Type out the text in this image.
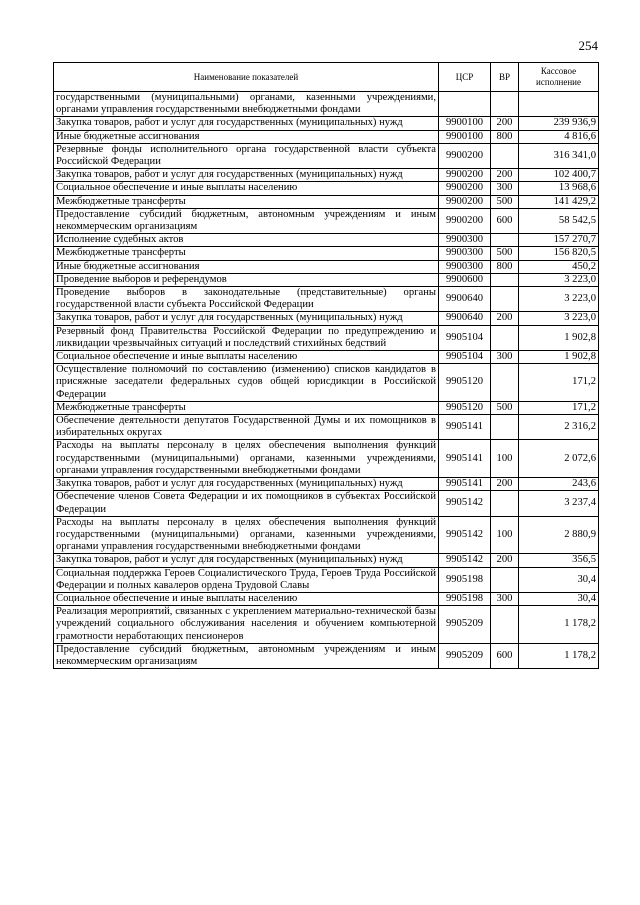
254
Наименование показателей	ЦСР	ВР	Кассовое исполнение
государственными (муниципальными) органами, казенными учреждениями, органами управления государственными внебюджетными фондами			
Закупка товаров, работ и услуг для государственных (муниципальных) нужд	9900100	200	239 936,9
Иные бюджетные ассигнования	9900100	800	4 816,6
Резервные фонды исполнительного органа государственной власти субъекта Российской Федерации	9900200		316 341,0
Закупка товаров, работ и услуг для государственных (муниципальных) нужд	9900200	200	102 400,7
Социальное обеспечение и иные выплаты населению	9900200	300	13 968,6
Межбюджетные трансферты	9900200	500	141 429,2
Предоставление субсидий бюджетным, автономным учреждениям и иным некоммерческим организациям	9900200	600	58 542,5
Исполнение судебных актов	9900300		157 270,7
Межбюджетные трансферты	9900300	500	156 820,5
Иные бюджетные ассигнования	9900300	800	450,2
Проведение выборов и референдумов	9900600		3 223,0
Проведение выборов в законодательные (представительные) органы государственной власти субъекта Российской Федерации	9900640		3 223,0
Закупка товаров, работ и услуг для государственных (муниципальных) нужд	9900640	200	3 223,0
Резервный фонд Правительства Российской Федерации по предупреждению и ликвидации чрезвычайных ситуаций и последствий стихийных бедствий	9905104		1 902,8
Социальное обеспечение и иные выплаты населению	9905104	300	1 902,8
Осуществление полномочий по составлению (изменению) списков кандидатов в присяжные заседатели федеральных судов общей юрисдикции в Российской Федерации	9905120		171,2
Межбюджетные трансферты	9905120	500	171,2
Обеспечение деятельности депутатов Государственной Думы и их помощников в избирательных округах	9905141		2 316,2
Расходы на выплаты персоналу в целях обеспечения выполнения функций государственными (муниципальными) органами, казенными учреждениями, органами управления государственными внебюджетными фондами	9905141	100	2 072,6
Закупка товаров, работ и услуг для государственных (муниципальных) нужд	9905141	200	243,6
Обеспечение членов Совета Федерации и их помощников в субъектах Российской Федерации	9905142		3 237,4
Расходы на выплаты персоналу в целях обеспечения выполнения функций государственными (муниципальными) органами, казенными учреждениями, органами управления государственными внебюджетными фондами	9905142	100	2 880,9
Закупка товаров, работ и услуг для государственных (муниципальных) нужд	9905142	200	356,5
Социальная поддержка Героев Социалистического Труда, Героев Труда Российской Федерации и полных кавалеров ордена Трудовой Славы	9905198		30,4
Социальное обеспечение и иные выплаты населению	9905198	300	30,4
Реализация мероприятий, связанных с укреплением материально-технической базы учреждений социального обслуживания населения и обучением компьютерной грамотности неработающих пенсионеров	9905209		1 178,2
Предоставление субсидий бюджетным, автономным учреждениям и иным некоммерческим организациям	9905209	600	1 178,2
